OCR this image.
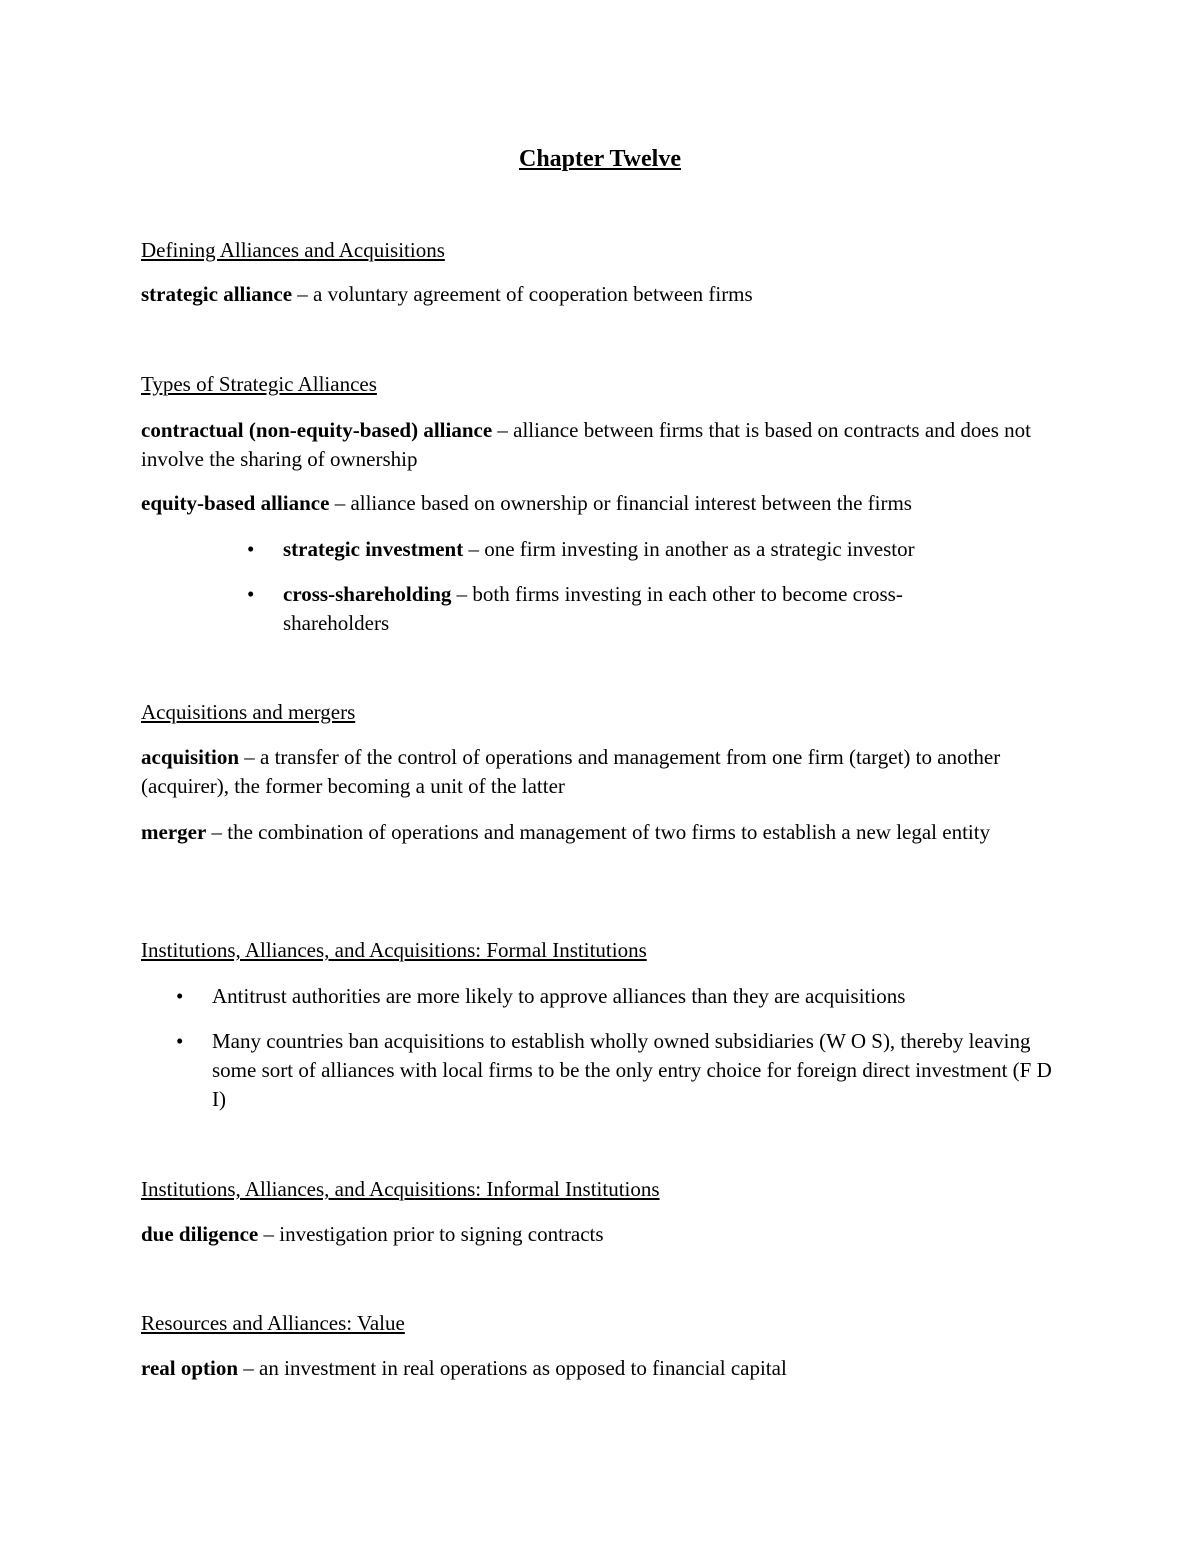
Chapter Twelve
Defining Alliances and Acquisitions
strategic alliance – a voluntary agreement of cooperation between firms
Types of Strategic Alliances
contractual (non-equity-based) alliance – alliance between firms that is based on contracts and does not involve the sharing of ownership
equity-based alliance – alliance based on ownership or financial interest between the firms
• strategic investment – one firm investing in another as a strategic investor
• cross-shareholding – both firms investing in each other to become cross-shareholders
Acquisitions and mergers
acquisition – a transfer of the control of operations and management from one firm (target) to another (acquirer), the former becoming a unit of the latter
merger – the combination of operations and management of two firms to establish a new legal entity
Institutions, Alliances, and Acquisitions: Formal Institutions
• Antitrust authorities are more likely to approve alliances than they are acquisitions
• Many countries ban acquisitions to establish wholly owned subsidiaries (W O S), thereby leaving some sort of alliances with local firms to be the only entry choice for foreign direct investment (F D I)
Institutions, Alliances, and Acquisitions: Informal Institutions
due diligence – investigation prior to signing contracts
Resources and Alliances: Value
real option – an investment in real operations as opposed to financial capital
